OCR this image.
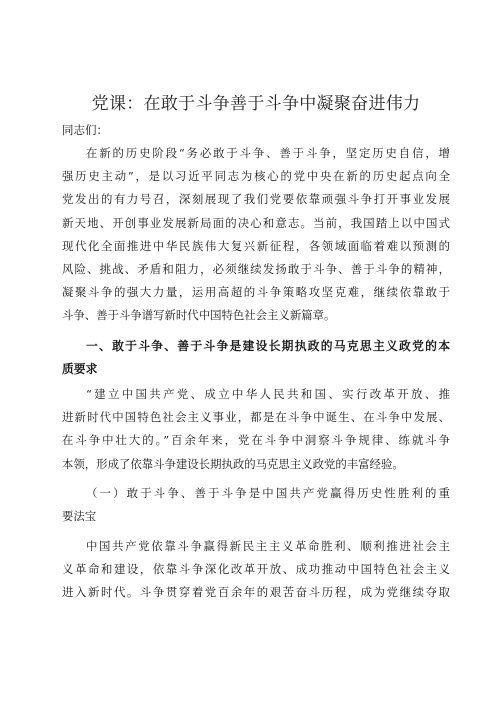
党课：在敢于斗争善于斗争中凝聚奋进伟力
同志们：
在新的历史阶段“务必敢于斗争、善于斗争，坚定历史自信，增
强历史主动”，是以习近平同志为核心的党中央在新的历史起点向全
党发出的有力号召，深刻展现了我们党要依靠顽强斗争打开事业发展
新天地、开创事业发展新局面的决心和意志。当前，我国踏上以中国式
现代化全面推进中华民族伟大复兴新征程，各领域面临着难以预测的
风险、挑战、矛盾和阻力，必须继续发扬敢于斗争、善于斗争的精神，
凝聚斗争的强大力量，运用高超的斗争策略攻坚克难，继续依靠敢于
斗争、善于斗争谱写新时代中国特色社会主义新篇章。
一、敢于斗争、善于斗争是建设长期执政的马克思主义政党的本
质要求
“建立中国共产党、成立中华人民共和国、实行改革开放、推
进新时代中国特色社会主义事业，都是在斗争中诞生、在斗争中发展、
在斗争中壮大的。”百余年来，党在斗争中洞察斗争规律、练就斗争
本领，形成了依靠斗争建设长期执政的马克思主义政党的丰富经验。
（一）敢于斗争、善于斗争是中国共产党赢得历史性胜利的重
要法宝
中国共产党依靠斗争赢得新民主主义革命胜利、顺利推进社会主
义革命和建设，依靠斗争深化改革开放、成功推动中国特色社会主义
进入新时代。斗争贯穿着党百余年的艰苦奋斗历程，成为党继续夺取
